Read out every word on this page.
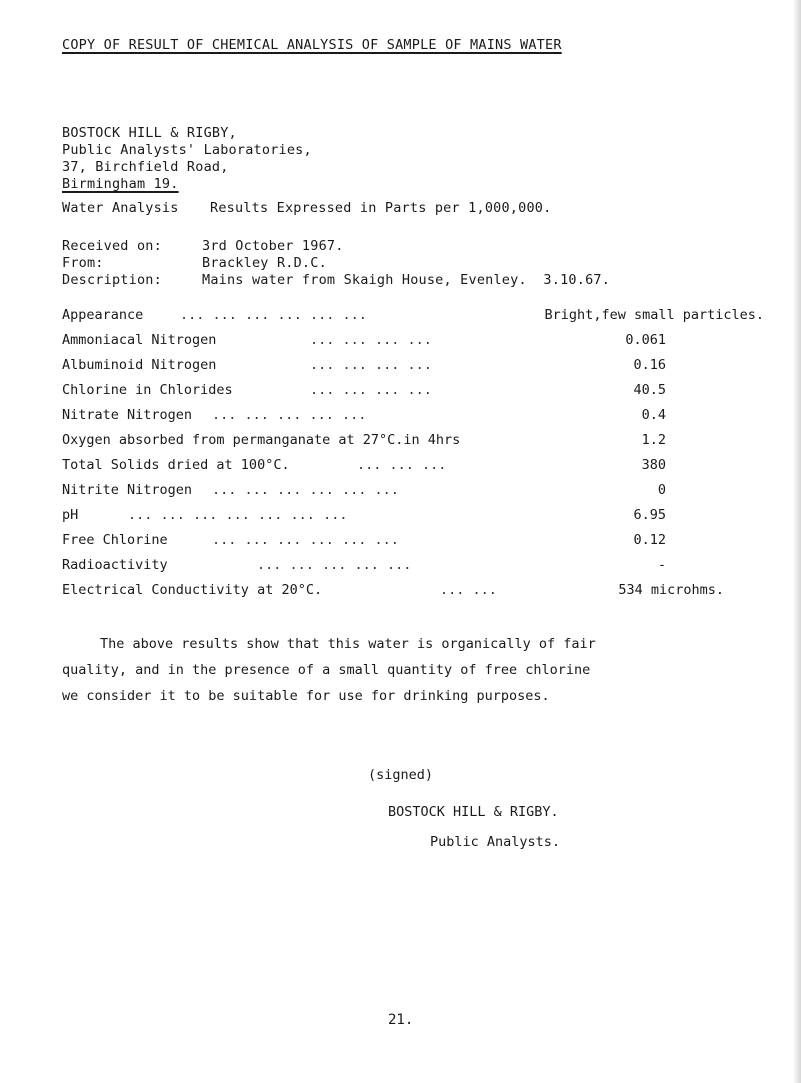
COPY OF RESULT OF CHEMICAL ANALYSIS OF SAMPLE OF MAINS WATER
BOSTOCK HILL & RIGBY,
Public Analysts' Laboratories,
37, Birchfield Road,
Birmingham 19.
Water Analysis Results Expressed in Parts per 1,000,000.
Received on:	3rd October 1967.
From:	Brackley R.D.C.
Description:	Mains water from Skaigh House, Evenley.  3.10.67.
Appearance	... ... ... ... ... ...	Bright,few small particles.
Ammoniacal Nitrogen	... ... ... ...	0.061
Albuminoid Nitrogen	... ... ... ...	0.16
Chlorine in Chlorides	... ... ... ...	40.5
Nitrate Nitrogen ... ... ... ... ...	0.4
Oxygen absorbed from permanganate at 27°C.in 4hrs	1.2
Total Solids dried at 100°C.	... ... ...	380
Nitrite Nitrogen ... ... ... ... ... ...	0
pH	... ... ... ... ... ... ...	6.95
Free Chlorine	... ... ... ... ... ...	0.12
Radioactivity	... ... ... ... ...	-
Electrical Conductivity at 20°C.	... ...	534 microhms.
The above results show that this water is organically of fair
quality, and in the presence of a small quantity of free chlorine
we consider it to be suitable for use for drinking purposes.
(signed)
BOSTOCK HILL & RIGBY.
Public Analysts.
21.
